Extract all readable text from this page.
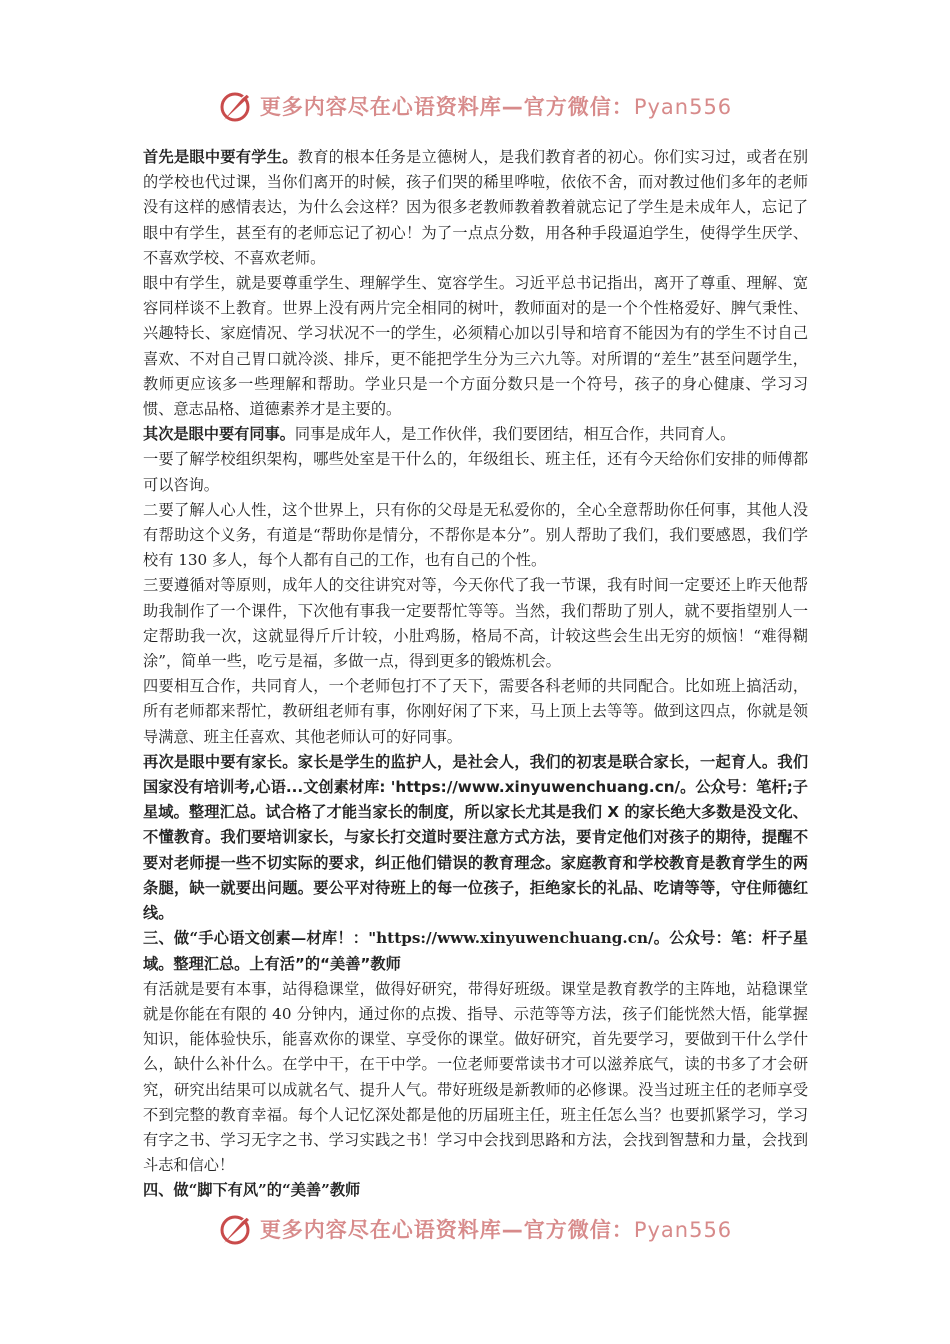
更多内容尽在心语资料库—官方微信：Pyan556

首先是眼中要有学生。教育的根本任务是立德树人，是我们教育者的初心。你们实习过，或者在别的学校也代过课，当你们离开的时候，孩子们哭的稀里哗啦，依依不舍，而对教过他们多年的老师没有这样的感情表达，为什么会这样？因为很多老教师教着教着就忘记了学生是未成年人，忘记了眼中有学生，甚至有的老师忘记了初心！为了一点点分数，用各种手段逼迫学生，使得学生厌学、不喜欢学校、不喜欢老师。

眼中有学生，就是要尊重学生、理解学生、宽容学生。习近平总书记指出，离开了尊重、理解、宽容同样谈不上教育。世界上没有两片完全相同的树叶，教师面对的是一个个性格爱好、脾气秉性、兴趣特长、家庭情况、学习状况不一的学生，必须精心加以引导和培育不能因为有的学生不讨自己喜欢、不对自己胃口就冷淡、排斥，更不能把学生分为三六九等。对所谓的“差生”甚至问题学生，教师更应该多一些理解和帮助。学业只是一个方面分数只是一个符号，孩子的身心健康、学习习惯、意志品格、道德素养才是主要的。

其次是眼中要有同事。同事是成年人，是工作伙伴，我们要团结，相互合作，共同育人。

一要了解学校组织架构，哪些处室是干什么的，年级组长、班主任，还有今天给你们安排的师傅都可以咨询。

二要了解人心人性，这个世界上，只有你的父母是无私爱你的，全心全意帮助你任何事，其他人没有帮助这个义务，有道是“帮助你是情分，不帮你是本分”。别人帮助了我们，我们要感恩，我们学校有 130 多人，每个人都有自己的工作，也有自己的个性。

三要遵循对等原则，成年人的交往讲究对等，今天你代了我一节课，我有时间一定要还上昨天他帮助我制作了一个课件，下次他有事我一定要帮忙等等。当然，我们帮助了别人，就不要指望别人一定帮助我一次，这就显得斤斤计较，小肚鸡肠，格局不高，计较这些会生出无穷的烦恼！“难得糊涂”，简单一些，吃亏是福，多做一点，得到更多的锻炼机会。

四要相互合作，共同育人，一个老师包打不了天下，需要各科老师的共同配合。比如班上搞活动，所有老师都来帮忙，教研组老师有事，你刚好闲了下来，马上顶上去等等。做到这四点，你就是领导满意、班主任喜欢、其他老师认可的好同事。

再次是眼中要有家长。家长是学生的监护人，是社会人，我们的初衷是联合家长，一起育人。我们国家没有培训考,心语...文创素材库: 'https://www.xinyuwenchuang.cn/。公众号：笔杆;子星域。整理汇总。试合格了才能当家长的制度，所以家长尤其是我们 X 的家长绝大多数是没文化、不懂教育。我们要培训家长，与家长打交道时要注意方式方法，要肯定他们对孩子的期待，提醒不要对老师提一些不切实际的要求，纠正他们错误的教育理念。家庭教育和学校教育是教育学生的两条腿，缺一就要出问题。要公平对待班上的每一位孩子，拒绝家长的礼品、吃请等等，守住师德红线。

三、做“手心语文创素—材库！："https://www.xinyuwenchuang.cn/。公众号：笔：杆子星域。整理汇总。上有活”的“美善”教师

有活就是要有本事，站得稳课堂，做得好研究，带得好班级。课堂是教育教学的主阵地，站稳课堂就是你能在有限的 40 分钟内，通过你的点拨、指导、示范等等方法，孩子们能恍然大悟，能掌握知识，能体验快乐，能喜欢你的课堂、享受你的课堂。做好研究，首先要学习，要做到干什么学什么，缺什么补什么。在学中干，在干中学。一位老师要常读书才可以滋养底气，读的书多了才会研究，研究出结果可以成就名气、提升人气。带好班级是新教师的必修课。没当过班主任的老师享受不到完整的教育幸福。每个人记忆深处都是他的历届班主任，班主任怎么当？也要抓紧学习，学习有字之书、学习无字之书、学习实践之书！学习中会找到思路和方法，会找到智慧和力量，会找到斗志和信心！

四、做“脚下有风”的“美善”教师

更多内容尽在心语资料库—官方微信：Pyan556
